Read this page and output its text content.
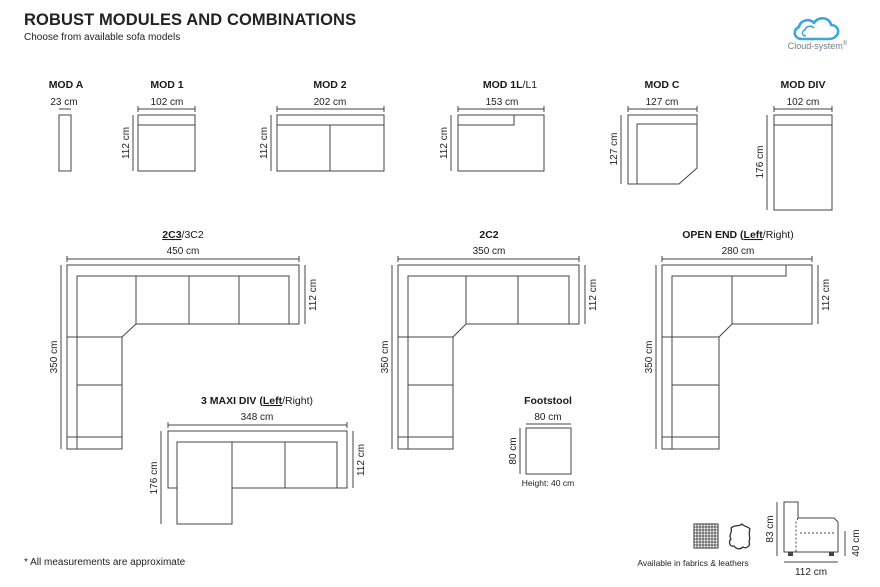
ROBUST MODULES AND COMBINATIONS
Choose from available sofa models
Cloud-system®
MOD A
23 cm
MOD 1
102 cm
112 cm
MOD 2
202 cm
112 cm
MOD 1L/L1
153 cm
112 cm
MOD C
127 cm
127 cm
MOD DIV
102 cm
176 cm
2C3/3C2
450 cm
112 cm
350 cm
2C2
350 cm
112 cm
350 cm
OPEN END (Left/Right)
280 cm
112 cm
350 cm
3 MAXI DIV (Left/Right)
348 cm
112 cm
176 cm
Footstool
80 cm
80 cm
Height: 40 cm
Available in fabrics & leathers
83 cm
40 cm
112 cm
* All measurements are approximate
